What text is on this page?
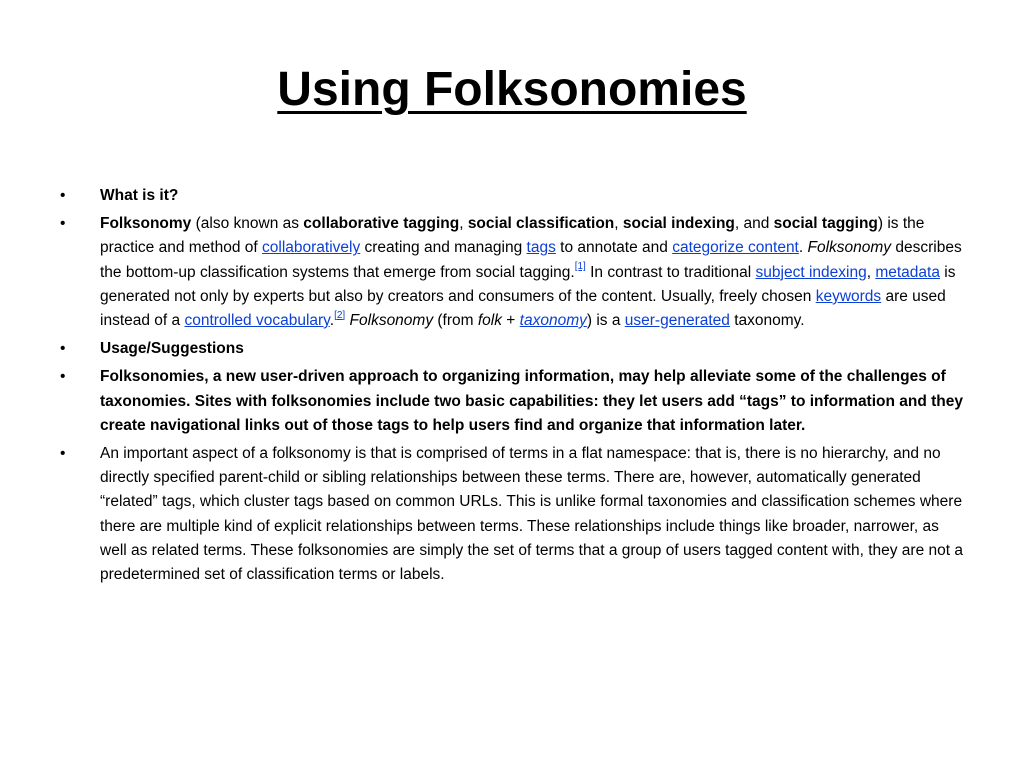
Using Folksonomies
•	What is it?
•	Folksonomy (also known as collaborative tagging, social classification, social indexing, and social tagging) is the practice and method of collaboratively creating and managing tags to annotate and categorize content. Folksonomy describes the bottom-up classification systems that emerge from social tagging.[1] In contrast to traditional subject indexing, metadata is generated not only by experts but also by creators and consumers of the content. Usually, freely chosen keywords are used instead of a controlled vocabulary.[2] Folksonomy (from folk + taxonomy) is a user-generated taxonomy.
•	Usage/Suggestions
•	Folksonomies, a new user-driven approach to organizing information, may help alleviate some of the challenges of taxonomies. Sites with folksonomies include two basic capabilities: they let users add “tags” to information and they create navigational links out of those tags to help users find and organize that information later.
•	An important aspect of a folksonomy is that is comprised of terms in a flat namespace: that is, there is no hierarchy, and no directly specified parent-child or sibling relationships between these terms. There are, however, automatically generated “related” tags, which cluster tags based on common URLs. This is unlike formal taxonomies and classification schemes where there are multiple kind of explicit relationships between terms. These relationships include things like broader, narrower, as well as related terms. These folksonomies are simply the set of terms that a group of users tagged content with, they are not a predetermined set of classification terms or labels.
